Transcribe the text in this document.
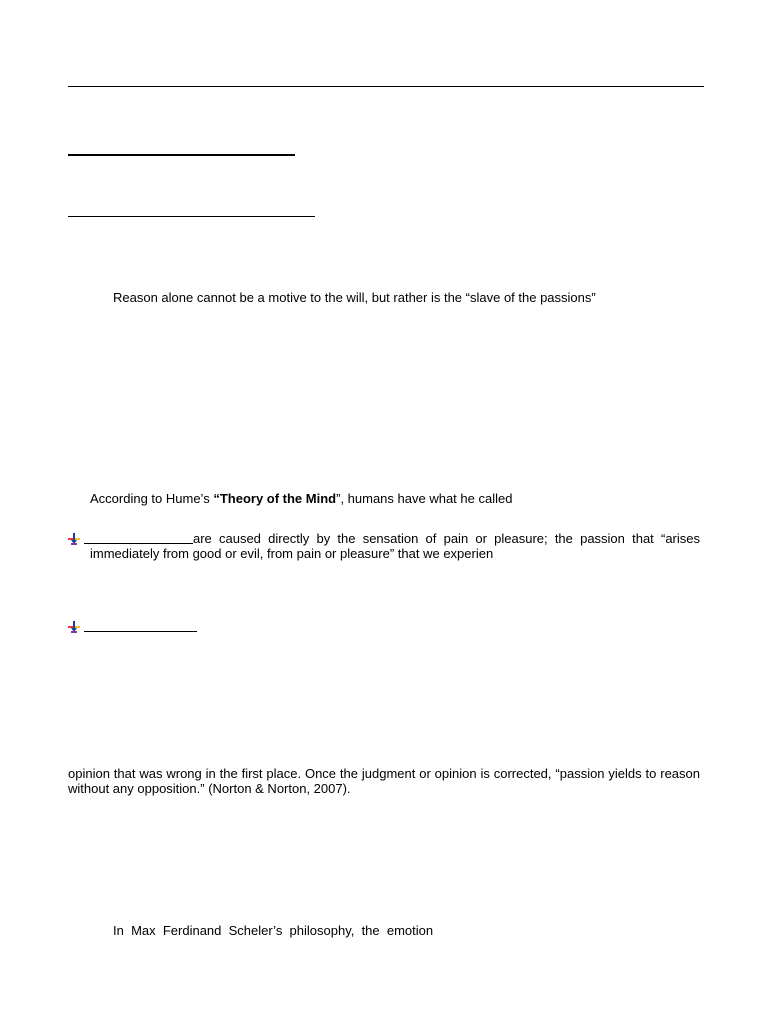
Reason alone cannot be a motive to the will, but rather is the “slave of the passions”
According to Hume’s “Theory of the Mind”, humans have what he called
are caused directly by the sensation of pain or pleasure; the passion that “arises immediately from good or evil, from pain or pleasure” that we experien
opinion that was wrong in the first place. Once the judgment or opinion is corrected, “passion yields to reason without any opposition.” (Norton & Norton, 2007).
In  Max  Ferdinand  Scheler’s  philosophy,  the  emotion
